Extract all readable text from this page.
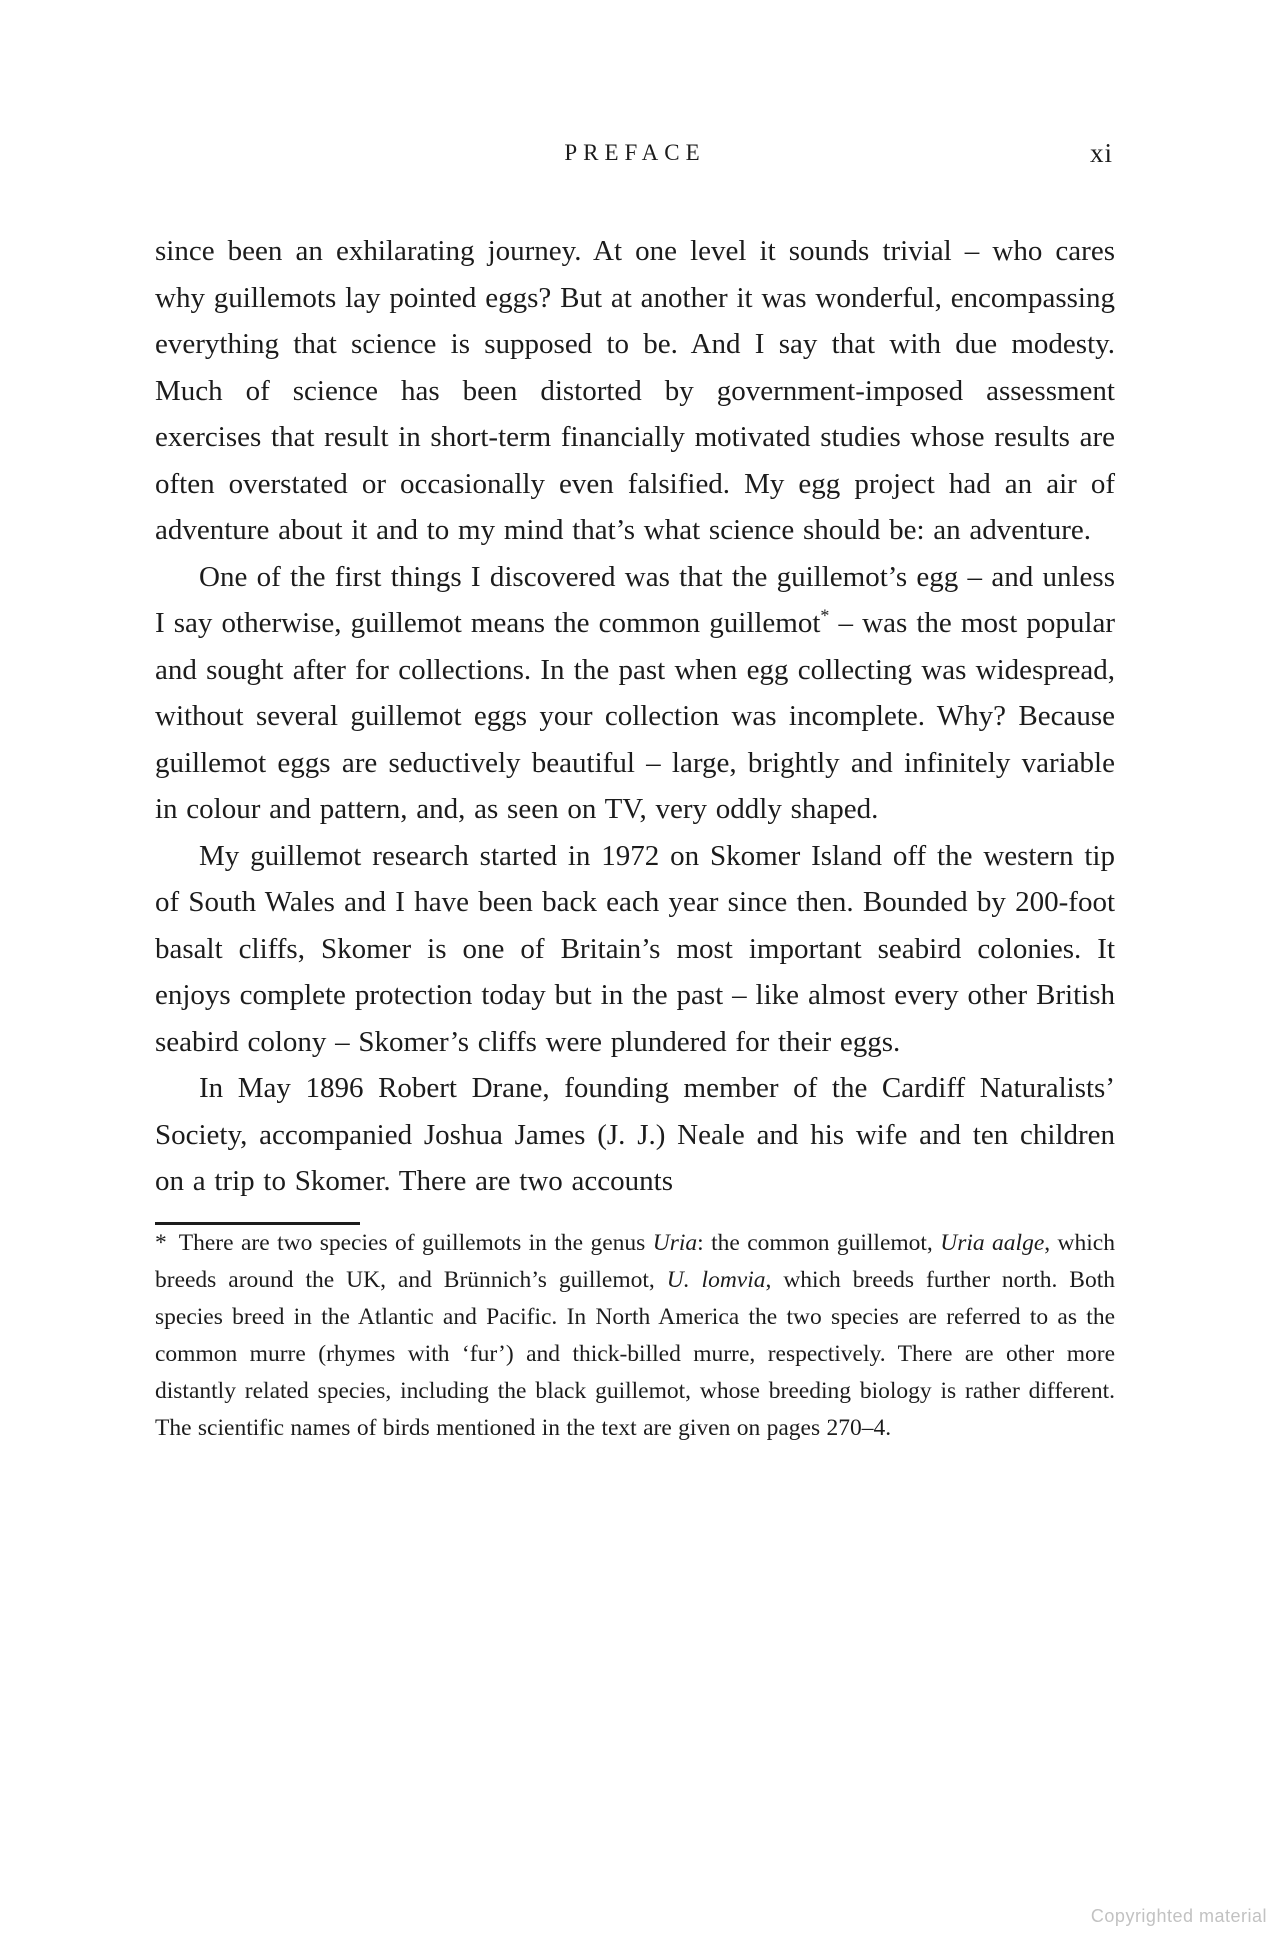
PREFACE	xi

since been an exhilarating journey. At one level it sounds trivial – who cares why guillemots lay pointed eggs? But at another it was wonderful, encompassing everything that science is supposed to be. And I say that with due modesty. Much of science has been distorted by government-imposed assessment exercises that result in short-term financially motivated studies whose results are often overstated or occasionally even falsified. My egg project had an air of adventure about it and to my mind that’s what science should be: an adventure.

One of the first things I discovered was that the guillemot’s egg – and unless I say otherwise, guillemot means the common guillemot* – was the most popular and sought after for collections. In the past when egg collecting was widespread, without several guillemot eggs your collection was incomplete. Why? Because guillemot eggs are seductively beautiful – large, brightly and infinitely variable in colour and pattern, and, as seen on TV, very oddly shaped.

My guillemot research started in 1972 on Skomer Island off the western tip of South Wales and I have been back each year since then. Bounded by 200-foot basalt cliffs, Skomer is one of Britain’s most important seabird colonies. It enjoys complete protection today but in the past – like almost every other British seabird colony – Skomer’s cliffs were plundered for their eggs.

In May 1896 Robert Drane, founding member of the Cardiff Naturalists’ Society, accompanied Joshua James (J. J.) Neale and his wife and ten children on a trip to Skomer. There are two accounts

* There are two species of guillemots in the genus Uria: the common guillemot, Uria aalge, which breeds around the UK, and Brünnich’s guillemot, U. lomvia, which breeds further north. Both species breed in the Atlantic and Pacific. In North America the two species are referred to as the common murre (rhymes with ‘fur’) and thick-billed murre, respectively. There are other more distantly related species, including the black guillemot, whose breeding biology is rather different. The scientific names of birds mentioned in the text are given on pages 270–4.

Copyrighted material
